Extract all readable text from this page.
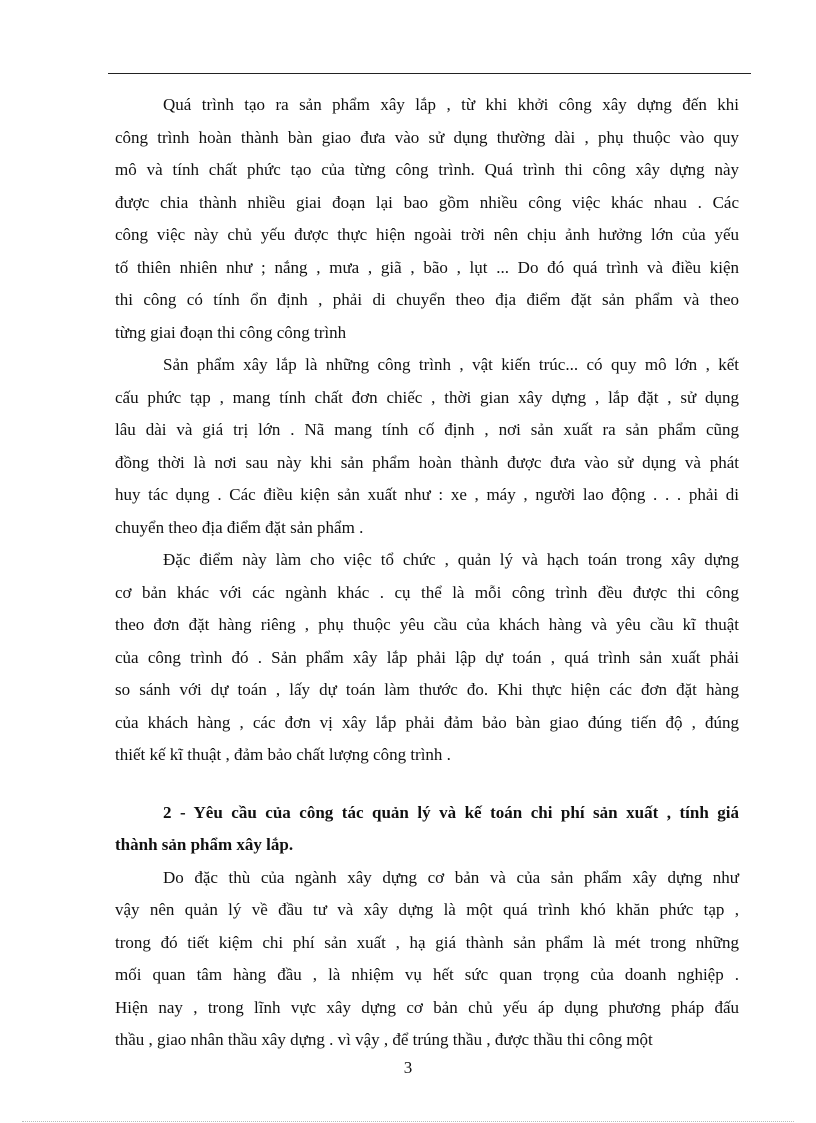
Quá trình tạo ra sản phẩm xây lắp , từ khi khởi công xây dựng đến khi
công trình hoàn thành bàn giao đưa vào sử dụng thường dài , phụ thuộc vào quy
mô và tính chất phức tạo của từng công trình. Quá trình thi công xây dựng này
được chia thành nhiều giai đoạn lại bao gồm nhiều công việc khác nhau . Các
công việc này chủ yếu được thực hiện ngoài trời nên chịu ảnh hưởng lớn của yếu
tố thiên nhiên như ; nắng , mưa , giã , bão , lụt ... Do đó quá trình và điều kiện
thi công có tính ổn định , phải di chuyển theo địa điểm đặt sản phẩm và theo
từng giai đoạn thi công công trình
Sản phẩm xây lắp là những công trình , vật kiến trúc... có quy mô lớn , kết
cấu phức tạp , mang tính chất đơn chiếc , thời gian xây dựng , lắp đặt , sử dụng
lâu dài và giá trị lớn . Nã mang tính cố định , nơi sản xuất ra sản phẩm cũng
đồng thời là nơi sau này khi sản phẩm hoàn thành được đưa vào sử dụng và phát
huy tác dụng . Các điều kiện sản xuất như : xe , máy , người lao động . . . phải di
chuyển theo địa điểm đặt sản phẩm .
Đặc điểm này làm cho việc tổ chức , quản lý và hạch toán trong xây dựng
cơ bản khác với các ngành khác . cụ thể là mỗi công trình đều được thi công
theo đơn đặt hàng riêng , phụ thuộc yêu cầu của khách hàng và yêu cầu kĩ thuật
của công trình đó . Sản phẩm xây lắp phải lập dự toán , quá trình sản xuất phải
so sánh với dự toán , lấy dự toán làm thước đo. Khi thực hiện các đơn đặt hàng
của khách hàng , các đơn vị xây lắp phải đảm bảo bàn giao đúng tiến độ , đúng
thiết kế kĩ thuật , đảm bảo chất lượng công trình .
2 - Yêu cầu của công tác quản lý và kế toán chi phí sản xuất , tính giá
thành sản phẩm xây lắp.
Do đặc thù của ngành xây dựng cơ bản và của sản phẩm xây dựng như
vậy nên quản lý về đầu tư và xây dựng là một quá trình khó khăn phức tạp ,
trong đó tiết kiệm chi phí sản xuất , hạ giá thành sản phẩm là mét trong những
mối quan tâm hàng đầu , là nhiệm vụ hết sức quan trọng của doanh nghiệp .
Hiện nay , trong lĩnh vực xây dựng cơ bản chủ yếu áp dụng phương pháp đấu
thầu , giao nhân thầu xây dựng . vì vậy , để trúng thầu , được thầu thi công một
3
